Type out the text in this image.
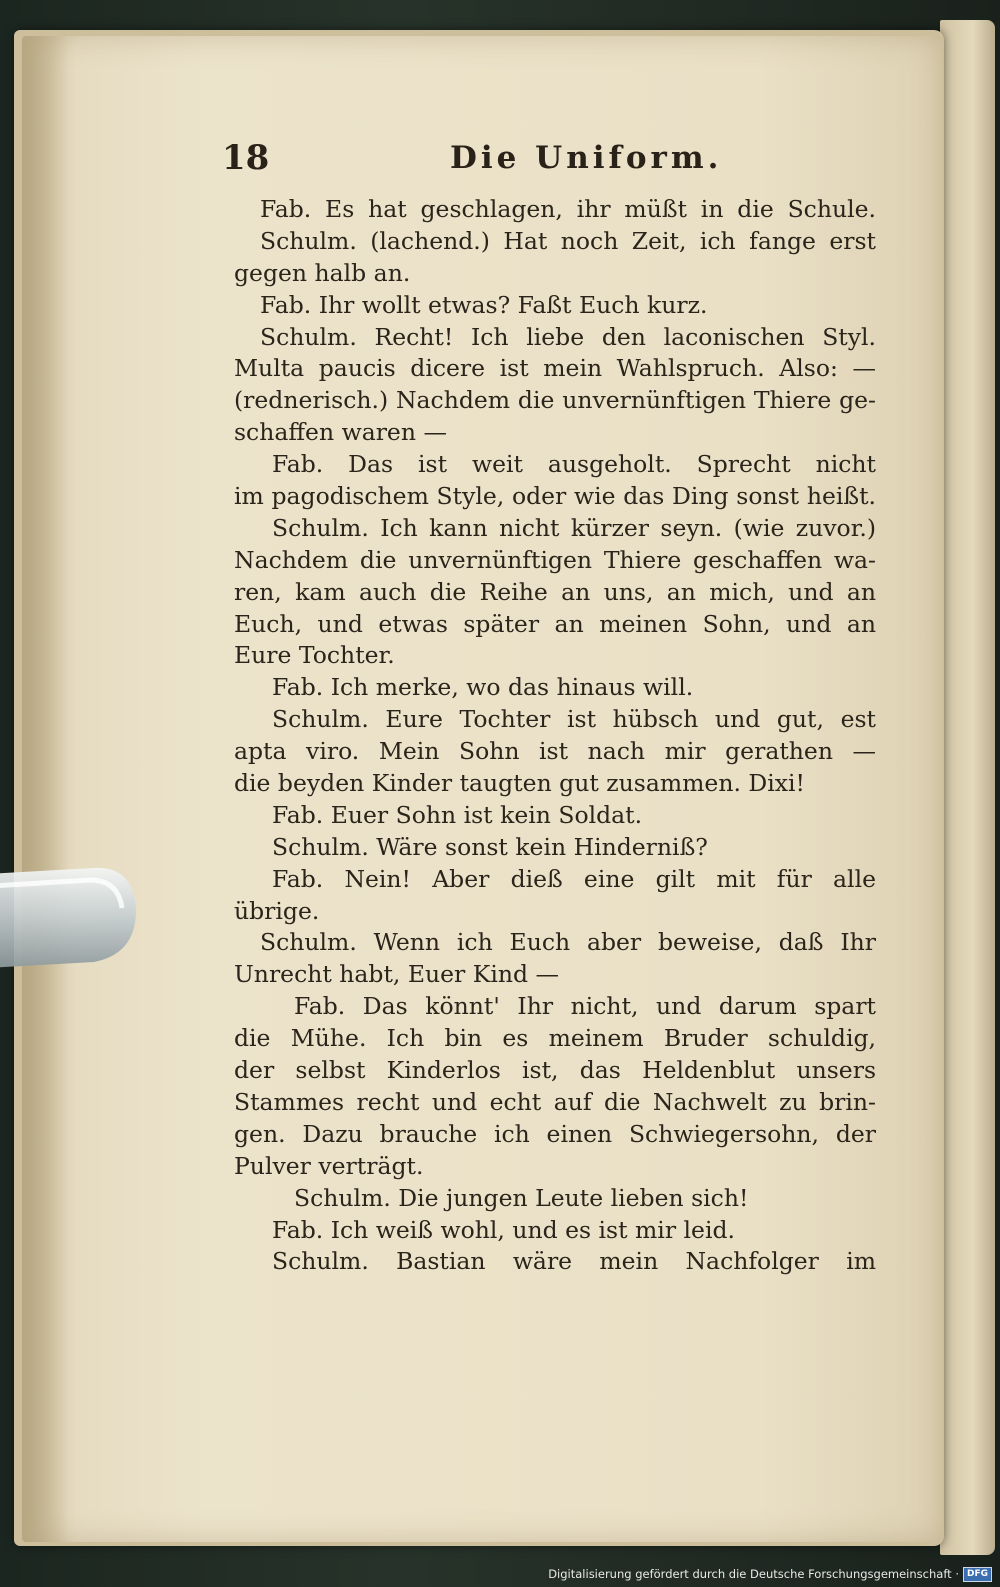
18	Die Uniform.
Fab. Es hat geschlagen, ihr müßt in die Schule.
Schulm. (lachend.) Hat noch Zeit, ich fange erst
gegen halb an.
Fab. Ihr wollt etwas? Faßt Euch kurz.
Schulm. Recht! Ich liebe den laconischen Styl.
Multa paucis dicere ist mein Wahlspruch. Also: —
(rednerisch.) Nachdem die unvernünftigen Thiere ge-
schaffen waren —
Fab. Das ist weit ausgeholt. Sprecht nicht
im pagodischem Style, oder wie das Ding sonst heißt.
Schulm. Ich kann nicht kürzer seyn. (wie zuvor.)
Nachdem die unvernünftigen Thiere geschaffen wa-
ren, kam auch die Reihe an uns, an mich, und an
Euch, und etwas später an meinen Sohn, und an
Eure Tochter.
Fab. Ich merke, wo das hinaus will.
Schulm. Eure Tochter ist hübsch und gut, est
apta viro. Mein Sohn ist nach mir gerathen —
die beyden Kinder taugten gut zusammen. Dixi!
Fab. Euer Sohn ist kein Soldat.
Schulm. Wäre sonst kein Hinderniß?
Fab. Nein! Aber dieß eine gilt mit für alle
übrige.
Schulm. Wenn ich Euch aber beweise, daß Ihr
Unrecht habt, Euer Kind —
Fab. Das könnt' Ihr nicht, und darum spart
die Mühe. Ich bin es meinem Bruder schuldig,
der selbst Kinderlos ist, das Heldenblut unsers
Stammes recht und echt auf die Nachwelt zu brin-
gen. Dazu brauche ich einen Schwiegersohn, der
Pulver verträgt.
Schulm. Die jungen Leute lieben sich!
Fab. Ich weiß wohl, und es ist mir leid.
Schulm. Bastian wäre mein Nachfolger im
Digitalisierung gefördert durch die Deutsche Forschungsgemeinschaft · DFG
